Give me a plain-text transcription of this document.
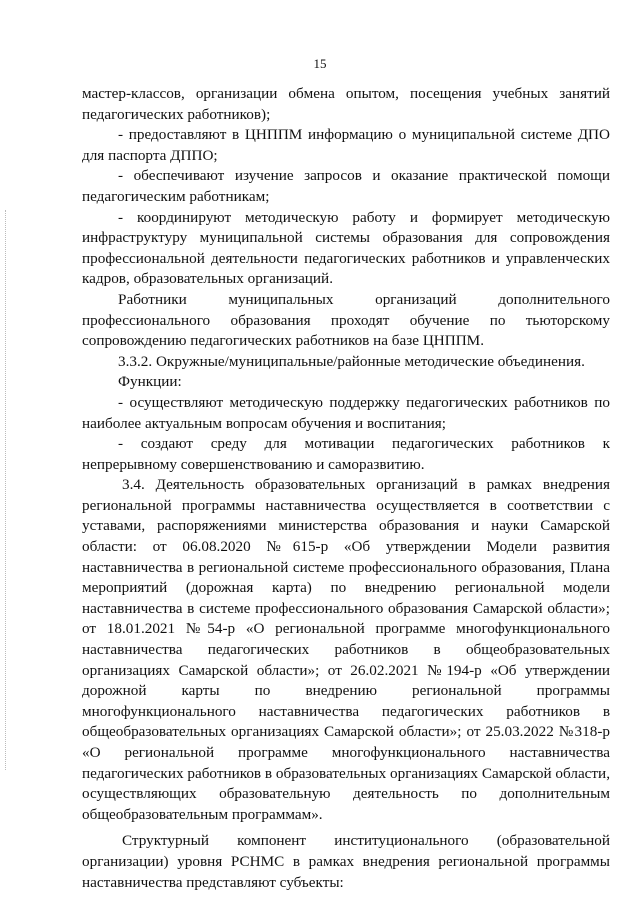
15

мастер-классов, организации обмена опытом, посещения учебных занятий педагогических работников);

- предоставляют в ЦНППМ информацию о муниципальной системе ДПО для паспорта ДППО;

- обеспечивают изучение запросов и оказание практической помощи педагогическим работникам;

- координируют методическую работу и формирует методическую инфраструктуру муниципальной системы образования для сопровождения профессиональной деятельности педагогических работников и управленческих кадров, образовательных организаций.

Работники муниципальных организаций дополнительного профессионального образования проходят обучение по тьюторскому сопровождению педагогических работников на базе ЦНППМ.

3.3.2. Окружные/муниципальные/районные методические объединения.

Функции:

- осуществляют методическую поддержку педагогических работников по наиболее актуальным вопросам обучения и воспитания;

- создают среду для мотивации педагогических работников к непрерывному совершенствованию и саморазвитию.

3.4. Деятельность образовательных организаций в рамках внедрения региональной программы наставничества осуществляется в соответствии с уставами, распоряжениями министерства образования и науки Самарской области: от 06.08.2020 №615-р «Об утверждении Модели развития наставничества в региональной системе профессионального образования, Плана мероприятий (дорожная карта) по внедрению региональной модели наставничества в системе профессионального образования Самарской области»; от 18.01.2021 №54-р «О региональной программе многофункционального наставничества педагогических работников в общеобразовательных организациях Самарской области»; от 26.02.2021 №194-р «Об утверждении дорожной карты по внедрению региональной программы многофункционального наставничества педагогических работников в общеобразовательных организациях Самарской области»; от 25.03.2022 №318-р «О региональной программе многофункционального наставничества педагогических работников в образовательных организациях Самарской области, осуществляющих образовательную деятельность по дополнительным общеобразовательным программам».

Структурный компонент институционального (образовательной организации) уровня РСНМС в рамках внедрения региональной программы наставничества представляют субъекты:
